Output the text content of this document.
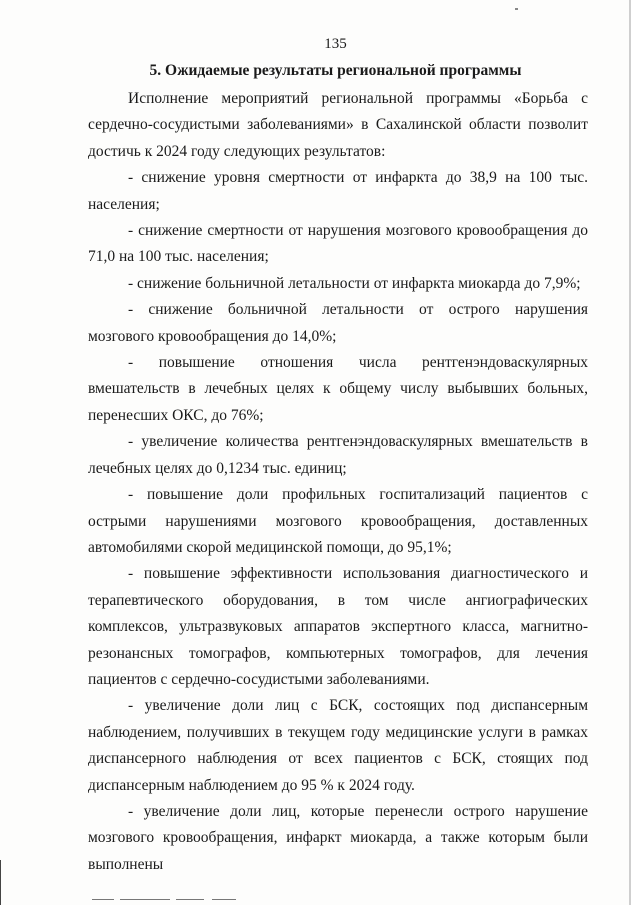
135
5. Ожидаемые результаты региональной программы

Исполнение мероприятий региональной программы «Борьба с сердечно-сосудистыми заболеваниями» в Сахалинской области позволит достичь к 2024 году следующих результатов:

- снижение уровня смертности от инфаркта до 38,9 на 100 тыс. населения;

- снижение смертности от нарушения мозгового кровообращения до 71,0 на 100 тыс. населения;

- снижение больничной летальности от инфаркта миокарда до 7,9%;

- снижение больничной летальности от острого нарушения мозгового кровообращения до 14,0%;

- повышение отношения числа рентгенэндоваскулярных вмешательств в лечебных целях к общему числу выбывших больных, перенесших ОКС, до 76%;

- увеличение количества рентгенэндоваскулярных вмешательств в лечебных целях до 0,1234 тыс. единиц;

- повышение доли профильных госпитализаций пациентов с острыми нарушениями мозгового кровообращения, доставленных автомобилями скорой медицинской помощи, до 95,1%;

- повышение эффективности использования диагностического и терапевтического оборудования, в том числе ангиографических комплексов, ультразвуковых аппаратов экспертного класса, магнитно-резонансных томографов, компьютерных томографов, для лечения пациентов с сердечно-сосудистыми заболеваниями.

- увеличение доли лиц с БСК, состоящих под диспансерным наблюдением, получивших в текущем году медицинские услуги в рамках диспансерного наблюдения от всех пациентов с БСК, стоящих под диспансерным наблюдением до 95 % к 2024 году.

- увеличение доли лиц, которые перенесли острого нарушение мозгового кровообращения, инфаркт миокарда, а также которым были выполнены
